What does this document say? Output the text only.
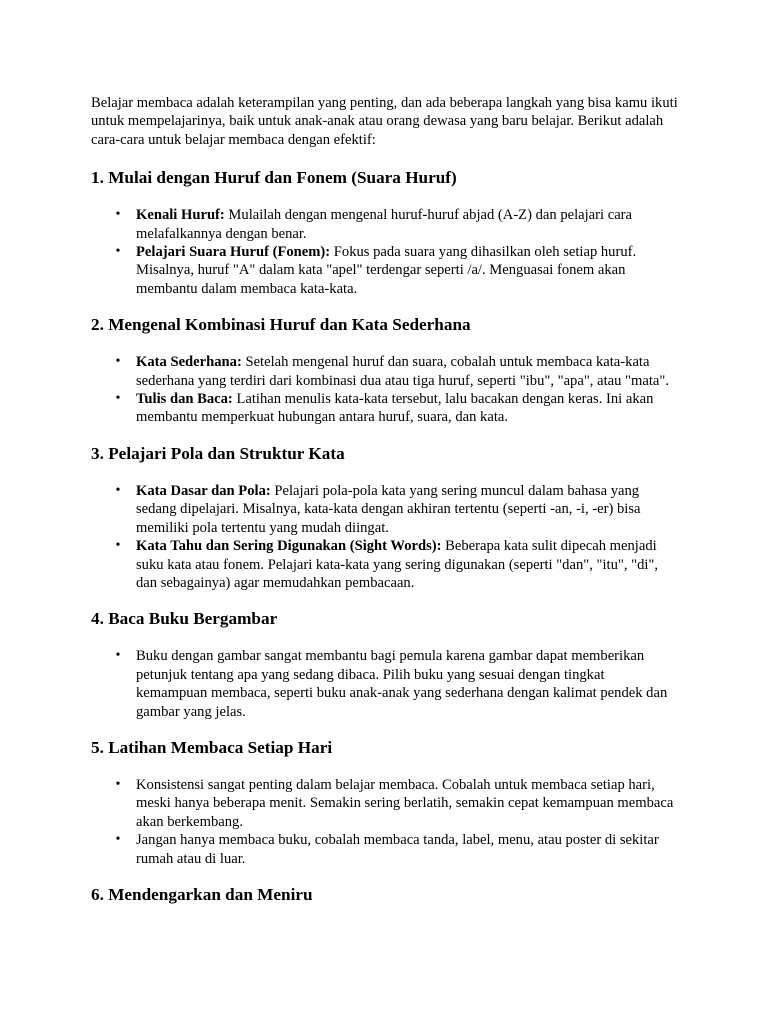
Belajar membaca adalah keterampilan yang penting, dan ada beberapa langkah yang bisa kamu ikuti untuk mempelajarinya, baik untuk anak-anak atau orang dewasa yang baru belajar. Berikut adalah cara-cara untuk belajar membaca dengan efektif:

1. Mulai dengan Huruf dan Fonem (Suara Huruf)
•	Kenali Huruf: Mulailah dengan mengenal huruf-huruf abjad (A-Z) dan pelajari cara melafalkannya dengan benar.
•	Pelajari Suara Huruf (Fonem): Fokus pada suara yang dihasilkan oleh setiap huruf. Misalnya, huruf "A" dalam kata "apel" terdengar seperti /a/. Menguasai fonem akan membantu dalam membaca kata-kata.
2. Mengenal Kombinasi Huruf dan Kata Sederhana
•	Kata Sederhana: Setelah mengenal huruf dan suara, cobalah untuk membaca kata-kata sederhana yang terdiri dari kombinasi dua atau tiga huruf, seperti "ibu", "apa", atau "mata".
•	Tulis dan Baca: Latihan menulis kata-kata tersebut, lalu bacakan dengan keras. Ini akan membantu memperkuat hubungan antara huruf, suara, dan kata.
3. Pelajari Pola dan Struktur Kata
•	Kata Dasar dan Pola: Pelajari pola-pola kata yang sering muncul dalam bahasa yang sedang dipelajari. Misalnya, kata-kata dengan akhiran tertentu (seperti -an, -i, -er) bisa memiliki pola tertentu yang mudah diingat.
•	Kata Tahu dan Sering Digunakan (Sight Words): Beberapa kata sulit dipecah menjadi suku kata atau fonem. Pelajari kata-kata yang sering digunakan (seperti "dan", "itu", "di", dan sebagainya) agar memudahkan pembacaan.
4. Baca Buku Bergambar
•	Buku dengan gambar sangat membantu bagi pemula karena gambar dapat memberikan petunjuk tentang apa yang sedang dibaca. Pilih buku yang sesuai dengan tingkat kemampuan membaca, seperti buku anak-anak yang sederhana dengan kalimat pendek dan gambar yang jelas.
5. Latihan Membaca Setiap Hari
•	Konsistensi sangat penting dalam belajar membaca. Cobalah untuk membaca setiap hari, meski hanya beberapa menit. Semakin sering berlatih, semakin cepat kemampuan membaca akan berkembang.
•	Jangan hanya membaca buku, cobalah membaca tanda, label, menu, atau poster di sekitar rumah atau di luar.
6. Mendengarkan dan Meniru
